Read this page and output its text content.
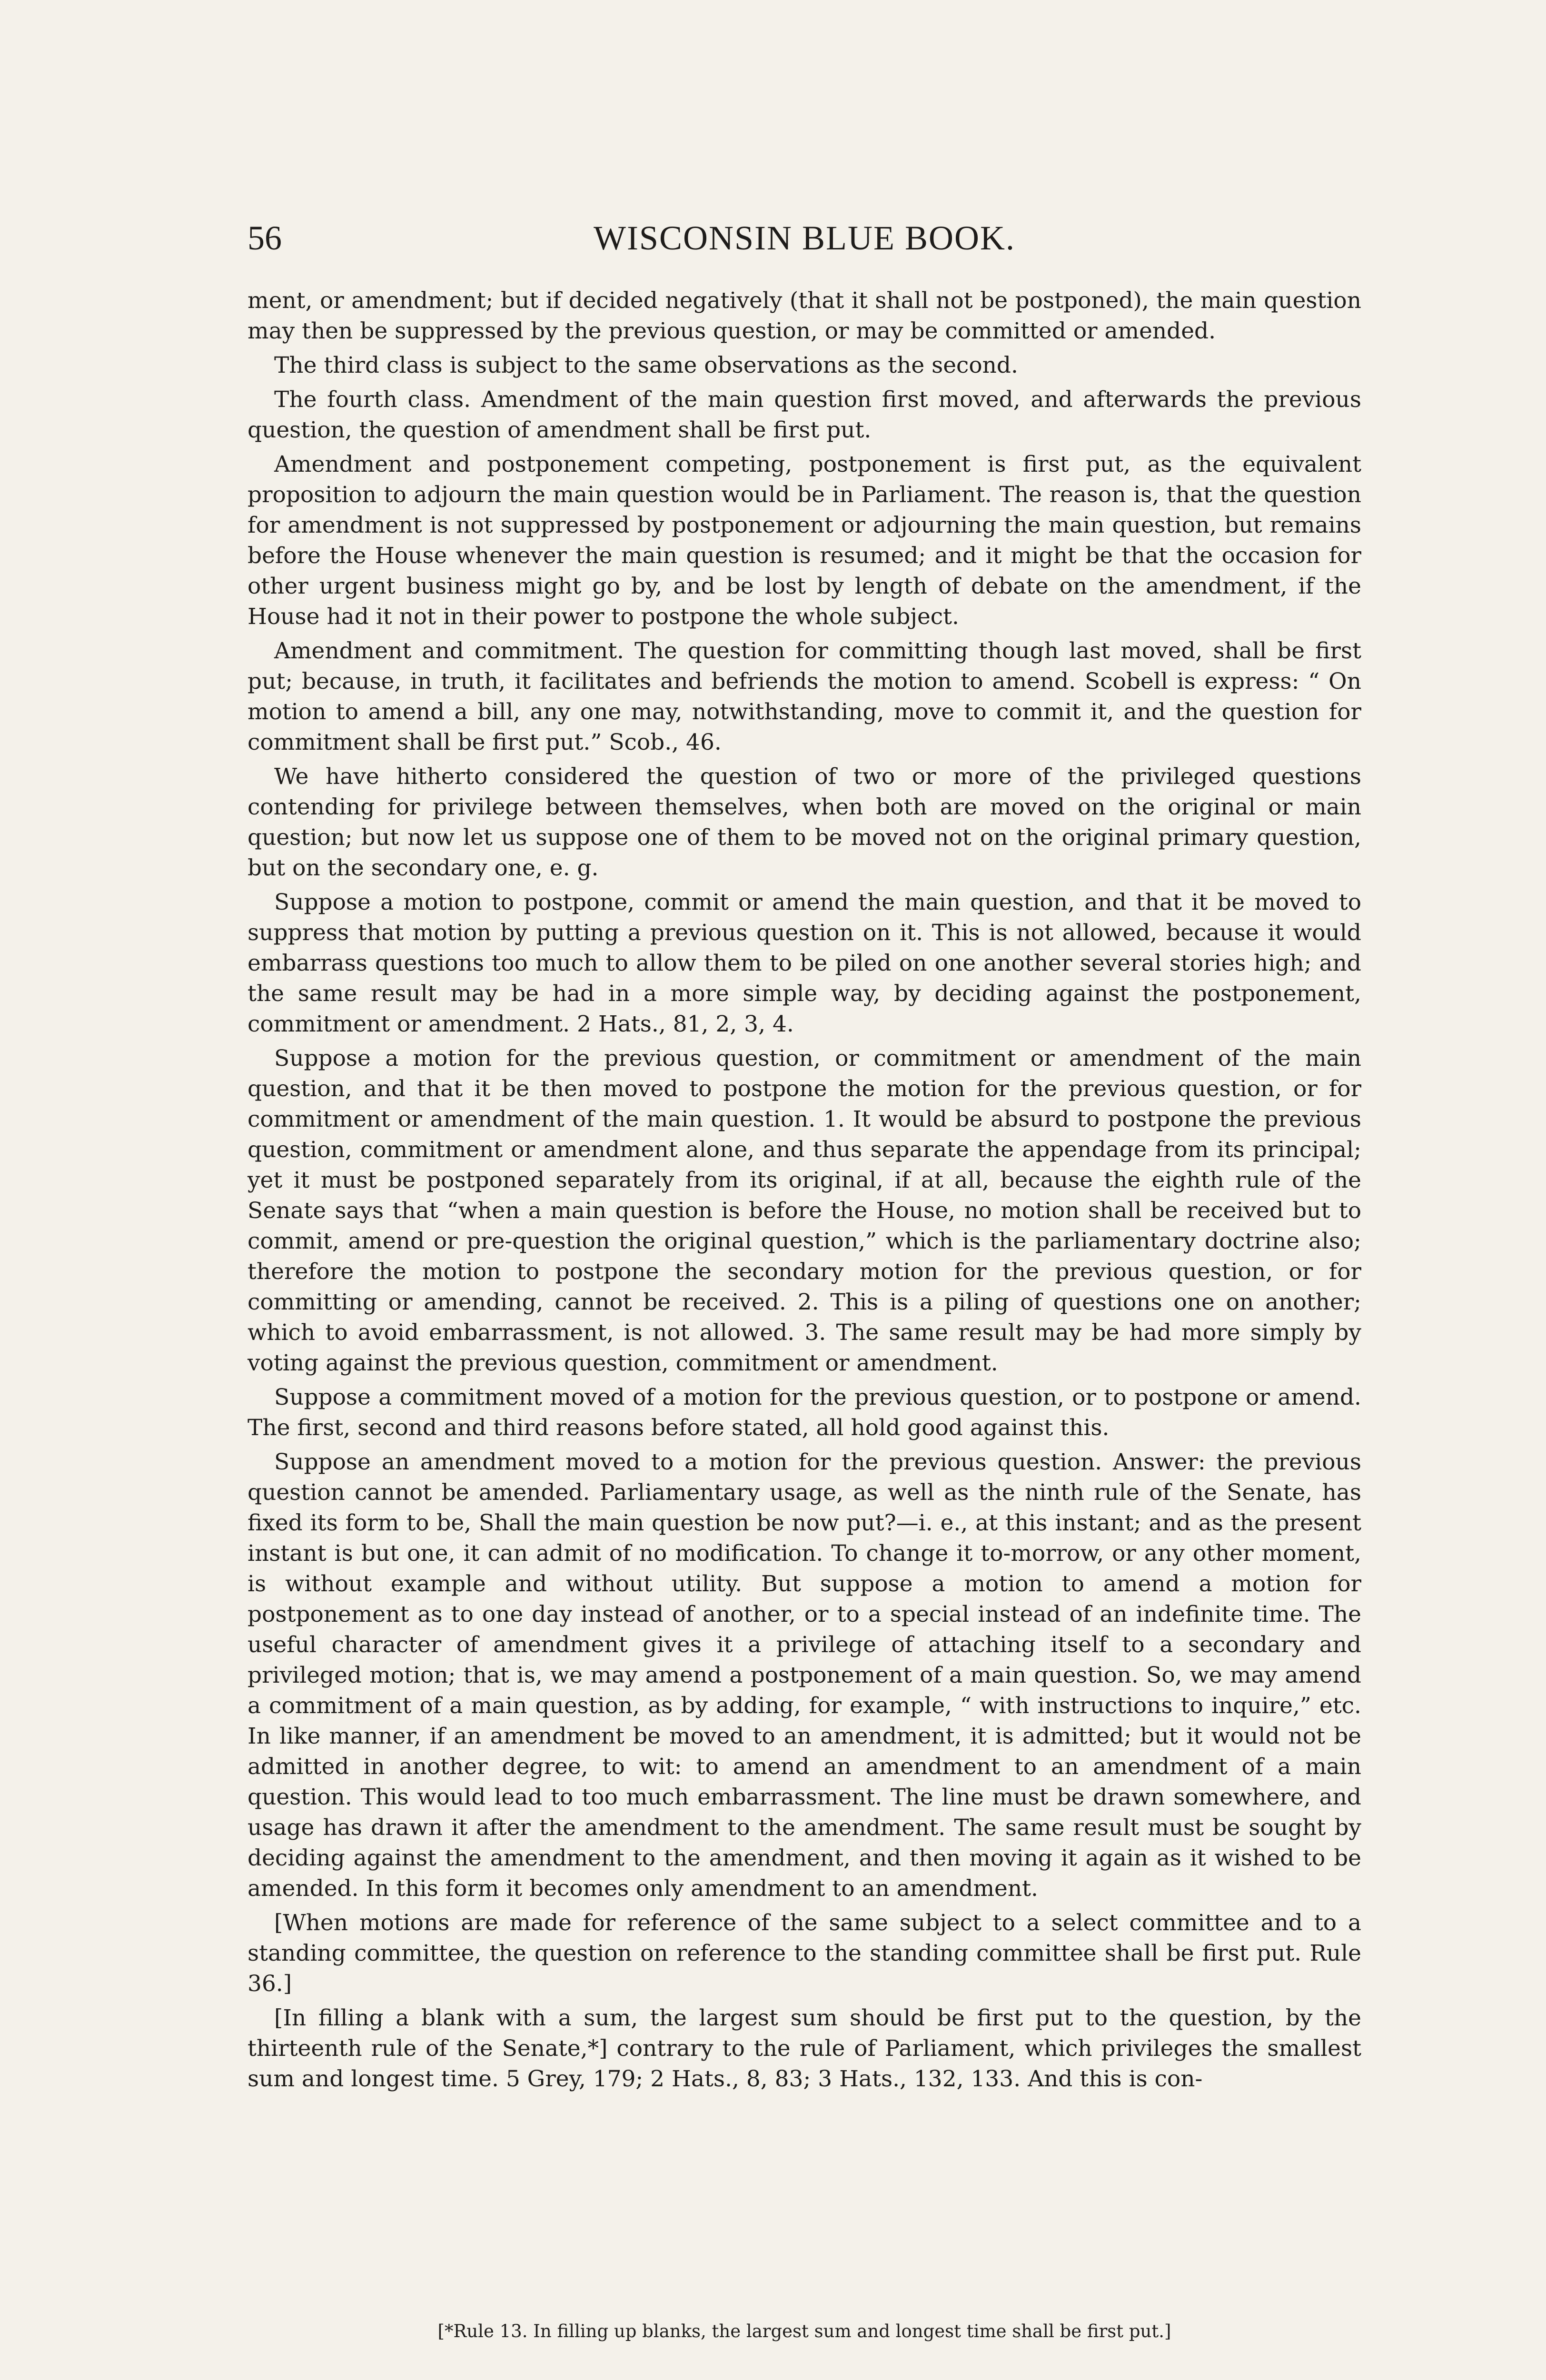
56	WISCONSIN BLUE BOOK.

ment, or amendment; but if decided negatively (that it shall not be postponed), the main question may then be suppressed by the previous question, or may be committed or amended.

The third class is subject to the same observations as the second.

The fourth class. Amendment of the main question first moved, and afterwards the previous question, the question of amendment shall be first put.

Amendment and postponement competing, postponement is first put, as the equivalent proposition to adjourn the main question would be in Parliament. The reason is, that the question for amendment is not suppressed by postponement or adjourning the main question, but remains before the House whenever the main question is resumed; and it might be that the occasion for other urgent business might go by, and be lost by length of debate on the amendment, if the House had it not in their power to postpone the whole subject.

Amendment and commitment. The question for committing though last moved, shall be first put; because, in truth, it facilitates and befriends the motion to amend. Scobell is express: “ On motion to amend a bill, any one may, notwithstanding, move to commit it, and the question for commitment shall be first put.” Scob., 46.

We have hitherto considered the question of two or more of the privileged questions contending for privilege between themselves, when both are moved on the original or main question; but now let us suppose one of them to be moved not on the original primary question, but on the secondary one, e. g.

Suppose a motion to postpone, commit or amend the main question, and that it be moved to suppress that motion by putting a previous question on it. This is not allowed, because it would embarrass questions too much to allow them to be piled on one another several stories high; and the same result may be had in a more simple way, by deciding against the postponement, commitment or amendment. 2 Hats., 81, 2, 3, 4.

Suppose a motion for the previous question, or commitment or amendment of the main question, and that it be then moved to postpone the motion for the previous question, or for commitment or amendment of the main question. 1. It would be absurd to postpone the previous question, commitment or amendment alone, and thus separate the appendage from its principal; yet it must be postponed separately from its original, if at all, because the eighth rule of the Senate says that “when a main question is before the House, no motion shall be received but to commit, amend or pre-question the original question,” which is the parliamentary doctrine also; therefore the motion to postpone the secondary motion for the previous question, or for committing or amending, cannot be received. 2. This is a piling of questions one on another; which to avoid embarrassment, is not allowed. 3. The same result may be had more simply by voting against the previous question, commitment or amendment.

Suppose a commitment moved of a motion for the previous question, or to postpone or amend. The first, second and third reasons before stated, all hold good against this.

Suppose an amendment moved to a motion for the previous question. Answer: the previous question cannot be amended. Parliamentary usage, as well as the ninth rule of the Senate, has fixed its form to be, Shall the main question be now put?—i. e., at this instant; and as the present instant is but one, it can admit of no modification. To change it to-morrow, or any other moment, is without example and without utility. But suppose a motion to amend a motion for postponement as to one day instead of another, or to a special instead of an indefinite time. The useful character of amendment gives it a privilege of attaching itself to a secondary and privileged motion; that is, we may amend a postponement of a main question. So, we may amend a commitment of a main question, as by adding, for example, “ with instructions to inquire,” etc. In like manner, if an amendment be moved to an amendment, it is admitted; but it would not be admitted in another degree, to wit: to amend an amendment to an amendment of a main question. This would lead to too much embarrassment. The line must be drawn somewhere, and usage has drawn it after the amendment to the amendment. The same result must be sought by deciding against the amendment to the amendment, and then moving it again as it wished to be amended. In this form it becomes only amendment to an amendment.

[When motions are made for reference of the same subject to a select committee and to a standing committee, the question on reference to the standing committee shall be first put. Rule 36.]

[In filling a blank with a sum, the largest sum should be first put to the question, by the thirteenth rule of the Senate,*] contrary to the rule of Parliament, which privileges the smallest sum and longest time. 5 Grey, 179; 2 Hats., 8, 83; 3 Hats., 132, 133. And this is con-

[*Rule 13. In filling up blanks, the largest sum and longest time shall be first put.]
